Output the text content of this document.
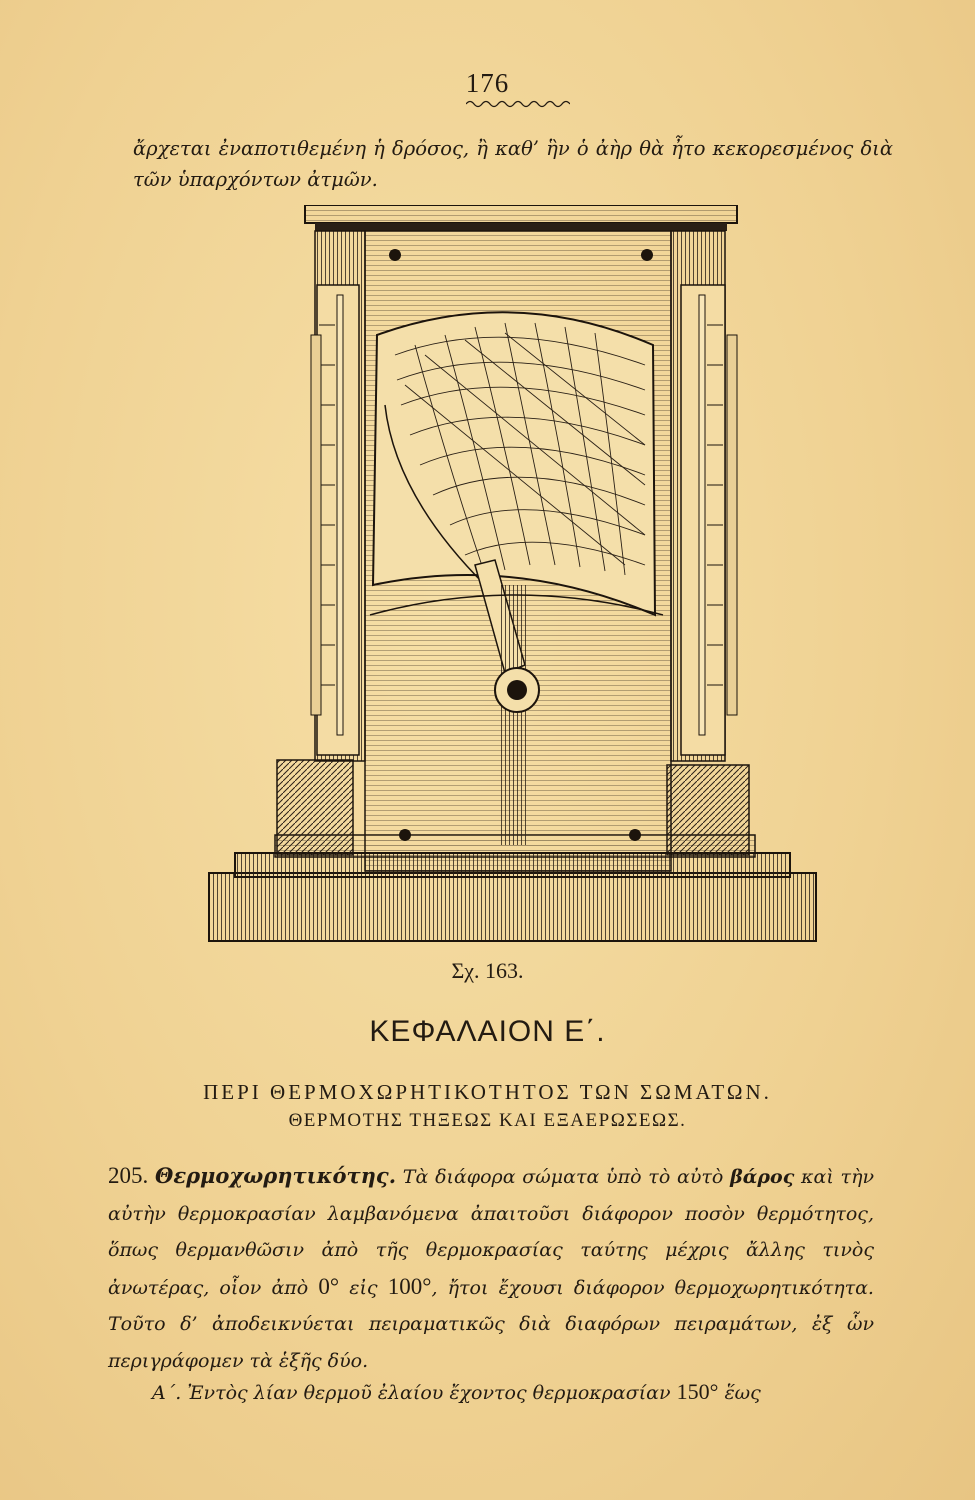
176
ἄρχεται ἐναποτιθεμένη ἡ δρόσος, ἢ καθ’ ἣν ὁ ἀὴρ θὰ ἦτο κεκορεσμένος διὰ τῶν ὑπαρχόντων ἀτμῶν.
Σχ. 163.
ΚΕΦΑΛΑΙΟΝ Ε΄.
ΠΕΡΙ ΘΕΡΜΟΧΩΡΗΤΙΚΟΤΗΤΟΣ ΤΩΝ ΣΩΜΑΤΩΝ.
ΘΕΡΜΟΤΗΣ ΤΗΞΕΩΣ ΚΑΙ ΕΞΑΕΡΩΣΕΩΣ.
205. Θερμοχωρητικότης. Τὰ διάφορα σώματα ὑπὸ τὸ αὐτὸ βάρος καὶ τὴν αὐτὴν θερμοκρασίαν λαμβανόμενα ἀπαιτοῦσι διάφορον ποσὸν θερμότητος, ὅπως θερμανθῶσιν ἀπὸ τῆς θερμοκρασίας ταύτης μέχρις ἄλλης τινὸς ἀνωτέρας, οἷον ἀπὸ 0° εἰς 100°, ἤτοι ἔχουσι διάφορον θερμοχωρητικότητα. Τοῦτο δ’ ἀποδεικνύεται πειραματικῶς διὰ διαφόρων πειραμάτων, ἐξ ὧν περιγράφομεν τὰ ἑξῆς δύο.
Α΄. Ἐντὸς λίαν θερμοῦ ἐλαίου ἔχοντος θερμοκρασίαν 150° ἕως
